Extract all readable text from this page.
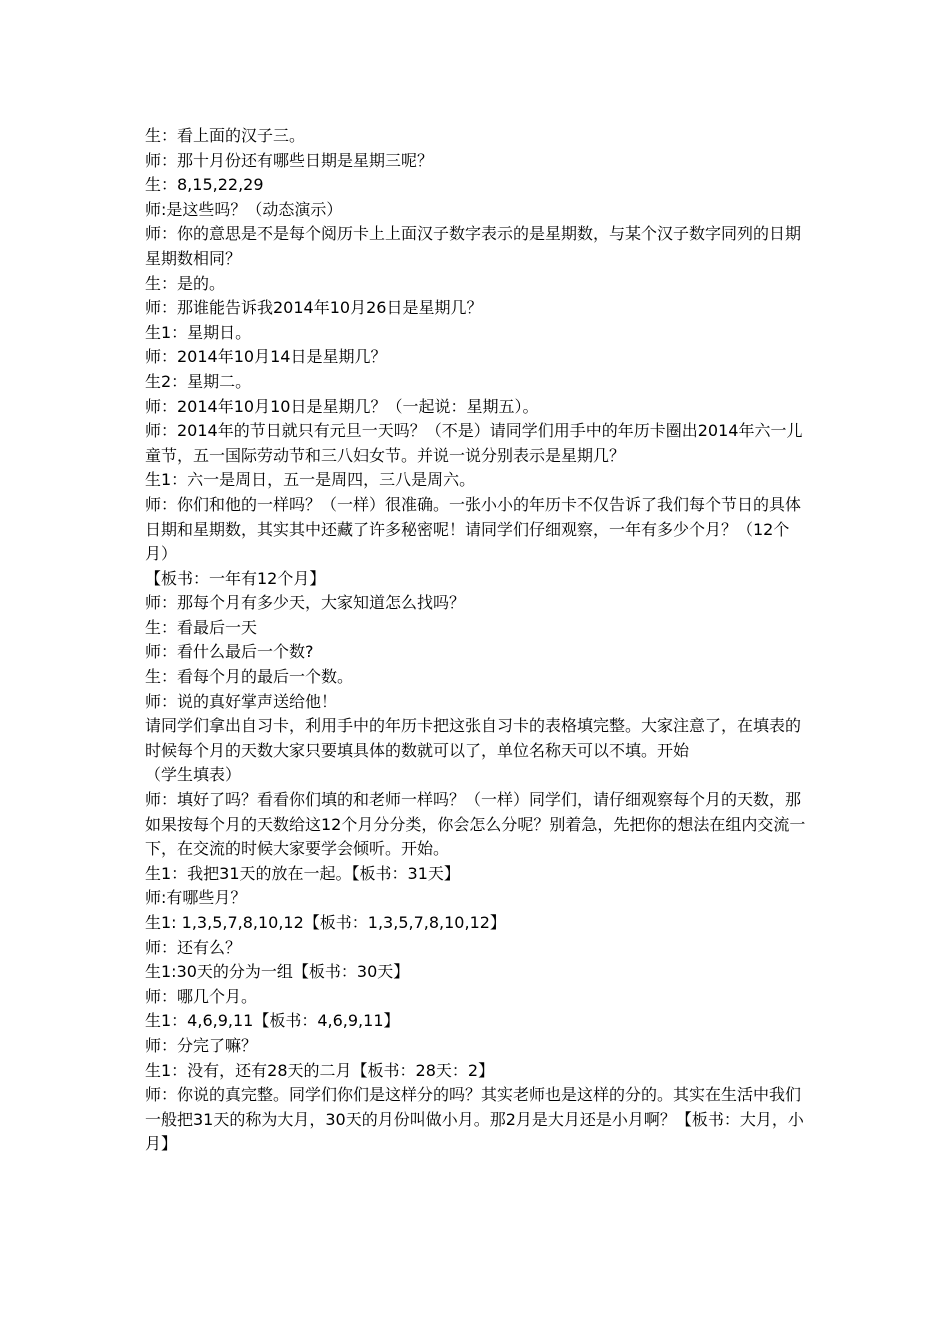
生：看上面的汉子三。

师：那十月份还有哪些日期是星期三呢？

生：8,15,22,29

师:是这些吗？（动态演示）

师：你的意思是不是每个阅历卡上上面汉子数字表示的是星期数，与某个汉子数字同列的日期星期数相同？

生：是的。

师：那谁能告诉我2014年10月26日是星期几？

生1：星期日。

师：2014年10月14日是星期几？

生2：星期二。

师：2014年10月10日是星期几？（一起说：星期五）。

师：2014年的节日就只有元旦一天吗？（不是）请同学们用手中的年历卡圈出2014年六一儿童节，五一国际劳动节和三八妇女节。并说一说分别表示是星期几？

生1：六一是周日，五一是周四，三八是周六。

师：你们和他的一样吗？（一样）很准确。一张小小的年历卡不仅告诉了我们每个节日的具体日期和星期数，其实其中还藏了许多秘密呢！请同学们仔细观察，一年有多少个月？（12个月）

【板书：一年有12个月】

师：那每个月有多少天，大家知道怎么找吗？

生：看最后一天

师：看什么最后一个数?

生：看每个月的最后一个数。

师：说的真好掌声送给他！

请同学们拿出自习卡，利用手中的年历卡把这张自习卡的表格填完整。大家注意了，在填表的时候每个月的天数大家只要填具体的数就可以了，单位名称天可以不填。开始

（学生填表）

师：填好了吗？看看你们填的和老师一样吗？（一样）同学们，请仔细观察每个月的天数，那如果按每个月的天数给这12个月分分类，你会怎么分呢？别着急，先把你的想法在组内交流一下，在交流的时候大家要学会倾听。开始。

生1：我把31天的放在一起。【板书：31天】

师:有哪些月？

生1: 1,3,5,7,8,10,12【板书：1,3,5,7,8,10,12】

师：还有么？

生1:30天的分为一组【板书：30天】

师：哪几个月。

生1：4,6,9,11【板书：4,6,9,11】

师：分完了嘛？

生1：没有，还有28天的二月【板书：28天：2】

师：你说的真完整。同学们你们是这样分的吗？其实老师也是这样的分的。其实在生活中我们一般把31天的称为大月，30天的月份叫做小月。那2月是大月还是小月啊？【板书：大月，小月】
